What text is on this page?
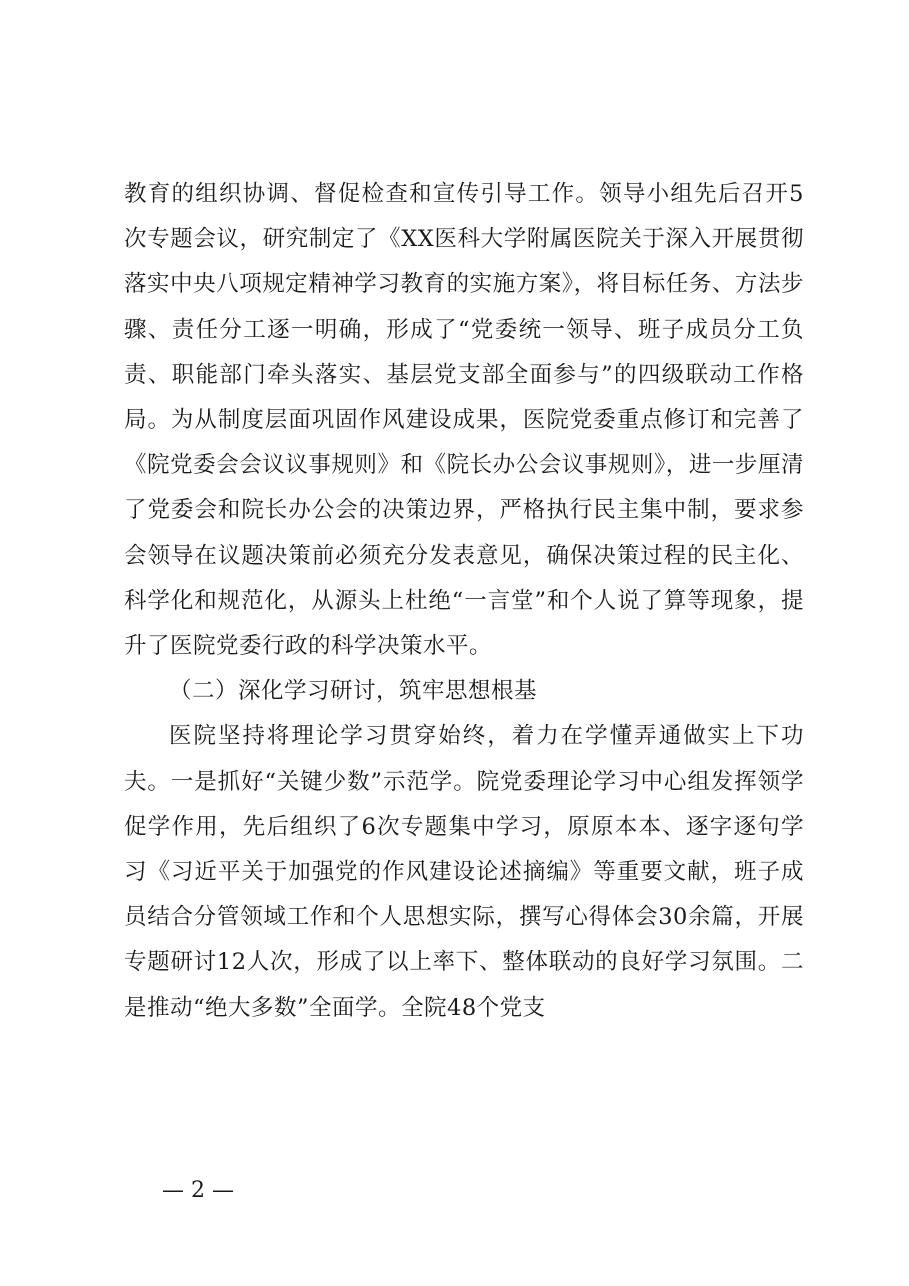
教育的组织协调、督促检查和宣传引导工作。领导小组先后召开5次专题会议，研究制定了《XX医科大学附属医院关于深入开展贯彻落实中央八项规定精神学习教育的实施方案》，将目标任务、方法步骤、责任分工逐一明确，形成了“党委统一领导、班子成员分工负责、职能部门牵头落实、基层党支部全面参与”的四级联动工作格局。为从制度层面巩固作风建设成果，医院党委重点修订和完善了《院党委会会议议事规则》和《院长办公会议事规则》，进一步厘清了党委会和院长办公会的决策边界，严格执行民主集中制，要求参会领导在议题决策前必须充分发表意见，确保决策过程的民主化、科学化和规范化，从源头上杜绝“一言堂”和个人说了算等现象，提升了医院党委行政的科学决策水平。

（二）深化学习研讨，筑牢思想根基

医院坚持将理论学习贯穿始终，着力在学懂弄通做实上下功夫。一是抓好“关键少数”示范学。院党委理论学习中心组发挥领学促学作用，先后组织了6次专题集中学习，原原本本、逐字逐句学习《习近平关于加强党的作风建设论述摘编》等重要文献，班子成员结合分管领域工作和个人思想实际，撰写心得体会30余篇，开展专题研讨12人次，形成了以上率下、整体联动的良好学习氛围。二是推动“绝大多数”全面学。全院48个党支

— 2 —
